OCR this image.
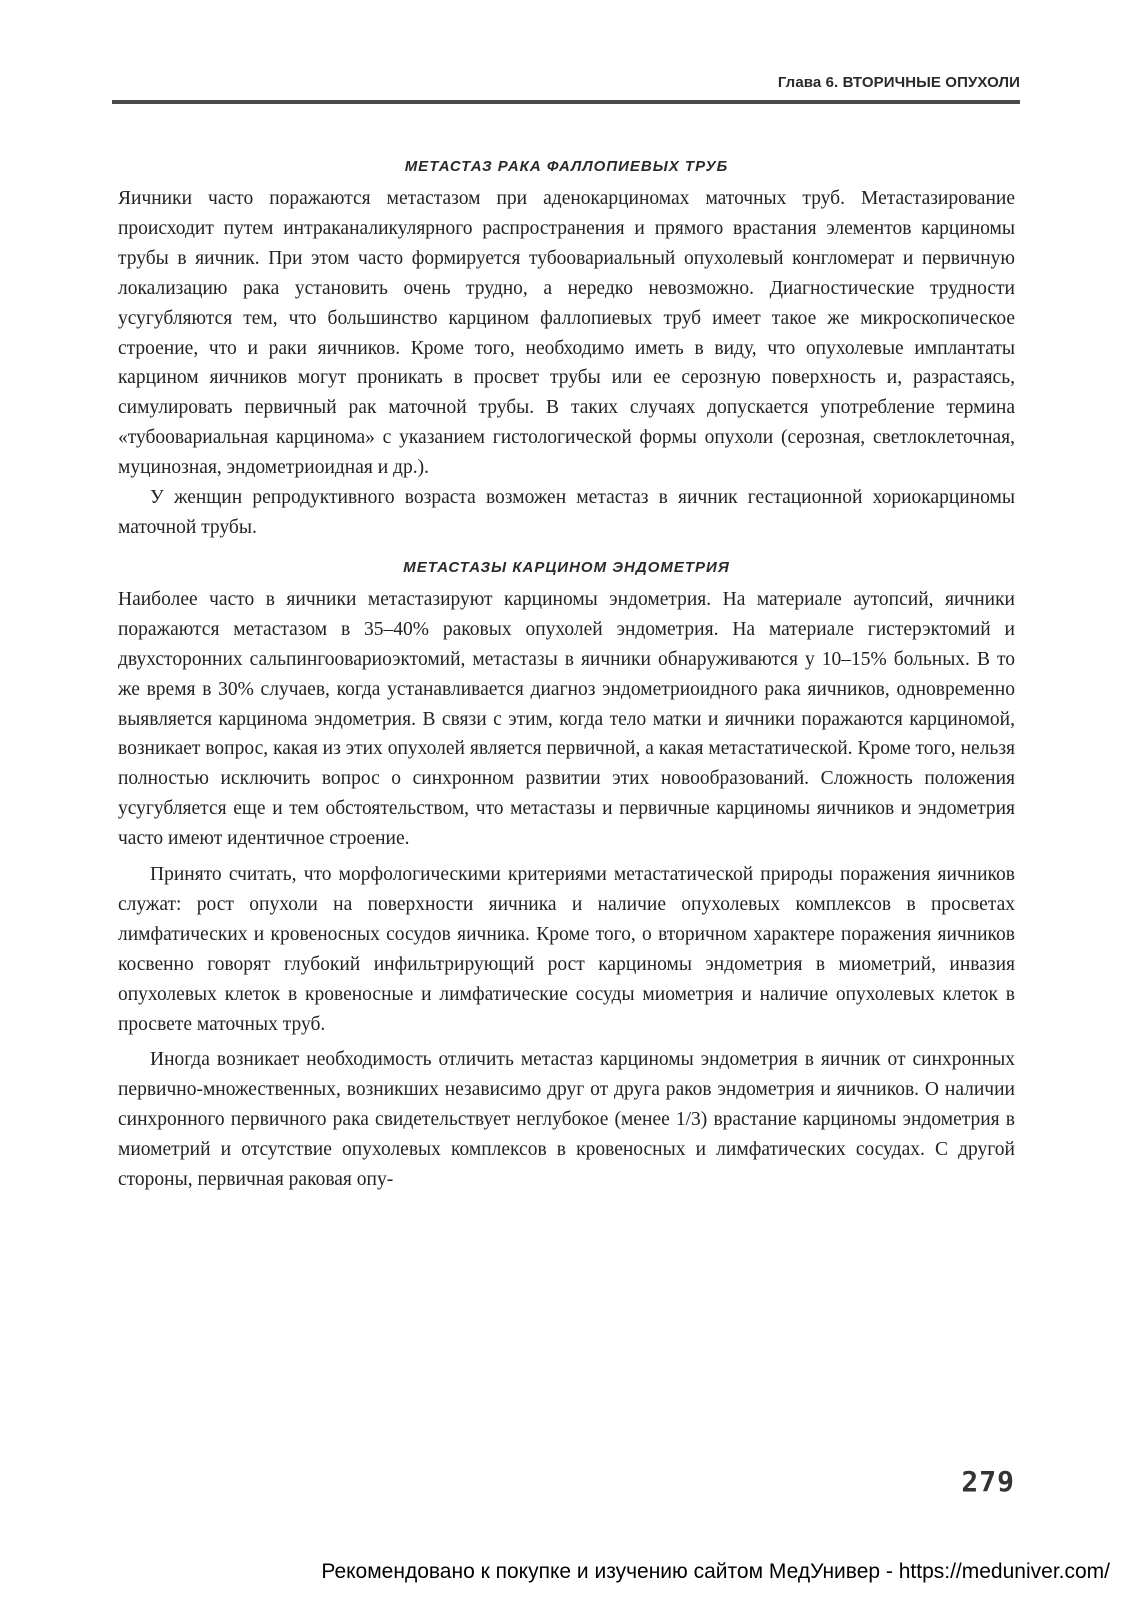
Глава 6. ВТОРИЧНЫЕ ОПУХОЛИ
МЕТАСТАЗ РАКА ФАЛЛОПИЕВЫХ ТРУБ

Яичники часто поражаются метастазом при аденокарциномах маточных труб. Метастазирование происходит путем интраканаликулярного распространения и прямого врастания элементов карциномы трубы в яичник. При этом часто формируется тубоовариальный опухолевый конгломерат и первичную локализацию рака установить очень трудно, а нередко невозможно. Диагностические трудности усугубляются тем, что большинство карцином фаллопиевых труб имеет такое же микроскопическое строение, что и раки яичников. Кроме того, необходимо иметь в виду, что опухолевые имплантаты карцином яичников могут проникать в просвет трубы или ее серозную поверхность и, разрастаясь, симулировать первичный рак маточной трубы. В таких случаях допускается употребление термина «тубоовариальная карцинома» с указанием гистологической формы опухоли (серозная, светлоклеточная, муцинозная, эндометриоидная и др.).

У женщин репродуктивного возраста возможен метастаз в яичник гестационной хориокарциномы маточной трубы.

МЕТАСТАЗЫ КАРЦИНОМ ЭНДОМЕТРИЯ

Наиболее часто в яичники метастазируют карциномы эндометрия. На материале аутопсий, яичники поражаются метастазом в 35–40% раковых опухолей эндометрия. На материале гистерэктомий и двухсторонних сальпингоовариоэктомий, метастазы в яичники обнаруживаются у 10–15% больных. В то же время в 30% случаев, когда устанавливается диагноз эндометриоидного рака яичников, одновременно выявляется карцинома эндометрия. В связи с этим, когда тело матки и яичники поражаются карциномой, возникает вопрос, какая из этих опухолей является первичной, а какая метастатической. Кроме того, нельзя полностью исключить вопрос о синхронном развитии этих новообразований. Сложность положения усугубляется еще и тем обстоятельством, что метастазы и первичные карциномы яичников и эндометрия часто имеют идентичное строение.

Принято считать, что морфологическими критериями метастатической природы поражения яичников служат: рост опухоли на поверхности яичника и наличие опухолевых комплексов в просветах лимфатических и кровеносных сосудов яичника. Кроме того, о вторичном характере поражения яичников косвенно говорят глубокий инфильтрирующий рост карциномы эндометрия в миометрий, инвазия опухолевых клеток в кровеносные и лимфатические сосуды миометрия и наличие опухолевых клеток в просвете маточных труб.

Иногда возникает необходимость отличить метастаз карциномы эндометрия в яичник от синхронных первично-множественных, возникших независимо друг от друга раков эндометрия и яичников. О наличии синхронного первичного рака свидетельствует неглубокое (менее 1/3) врастание карциномы эндометрия в миометрий и отсутствие опухолевых комплексов в кровеносных и лимфатических сосудах. С другой стороны, первичная раковая опу-

279
Рекомендовано к покупке и изучению сайтом МедУнивер - https://meduniver.com/
